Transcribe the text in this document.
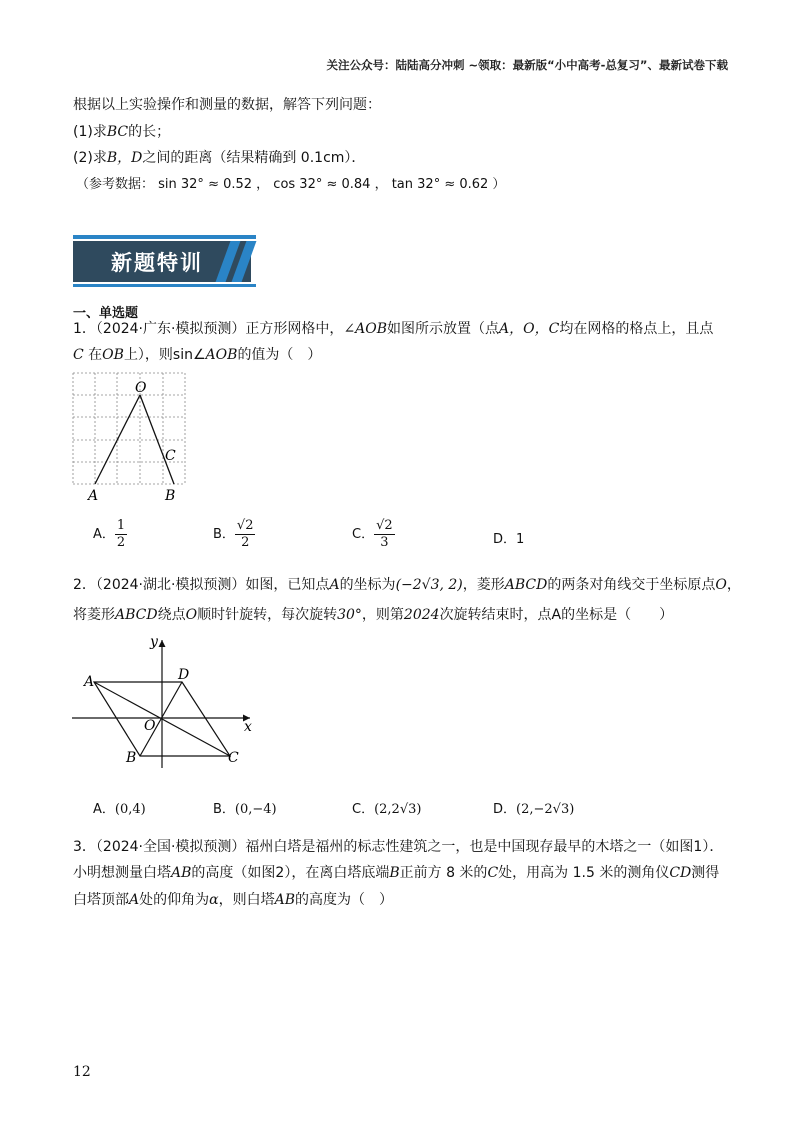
关注公众号：陆陆高分冲刺 ~领取：最新版“小中高考-总复习”、最新试卷下载
根据以上实验操作和测量的数据，解答下列问题：
(1)求BC的长；
(2)求B，D之间的距离（结果精确到 0.1cm）．
（参考数据： sin 32° ≈ 0.52 ， cos 32° ≈ 0.84 ， tan 32° ≈ 0.62 ）
新题特训
一、单选题
1．（2024·广东·模拟预测）正方形网格中，∠AOB如图所示放置（点A，O，C均在网格的格点上，且点
C 在OB上），则sin∠AOB的值为（　）
O
C
A	B
A． $\frac{1}{2}$	B． $\frac{√2}{2}$	C． $\frac{√2}{3}$	D．1
2．（2024·湖北·模拟预测）如图，已知点A的坐标为(−2√3, 2)，菱形ABCD的两条对角线交于坐标原点O，
将菱形ABCD绕点O顺时针旋转，每次旋转30°，则第2024次旋转结束时，点A的坐标是（　　）
y
x
A	D
O
B	C
A．(0,4)	B．(0,−4)	C．(2,2√3)	D．(2,−2√3)
3．（2024·全国·模拟预测）福州白塔是福州的标志性建筑之一，也是中国现存最早的木塔之一（如图1）．
小明想测量白塔AB的高度（如图2），在离白塔底端B正前方 8 米的C处，用高为 1.5 米的测角仪CD测得
白塔顶部A处的仰角为α，则白塔AB的高度为（　）
12
